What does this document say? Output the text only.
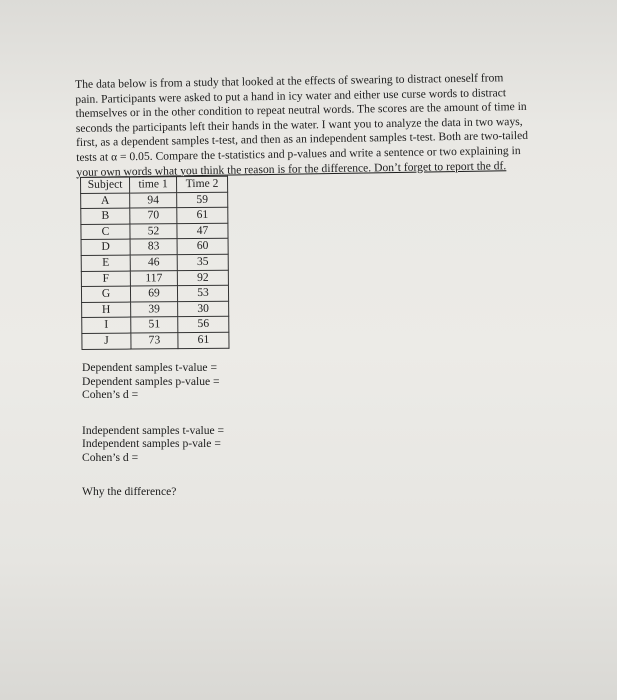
The data below is from a study that looked at the effects of swearing to distract oneself from
pain. Participants were asked to put a hand in icy water and either use curse words to distract
themselves or in the other condition to repeat neutral words. The scores are the amount of time in
seconds the participants left their hands in the water. I want you to analyze the data in two ways,
first, as a dependent samples t-test, and then as an independent samples t-test. Both are two-tailed
tests at α = 0.05. Compare the t-statistics and p-values and write a sentence or two explaining in
your own words what you think the reason is for the difference. Don’t forget to report the df.
Subject	time 1	Time 2
A	94	59
B	70	61
C	52	47
D	83	60
E	46	35
F	117	92
G	69	53
H	39	30
I	51	56
J	73	61
Dependent samples t-value =
Dependent samples p-value =
Cohen’s d =
Independent samples t-value =
Independent samples p-vale =
Cohen’s d =
Why the difference?
